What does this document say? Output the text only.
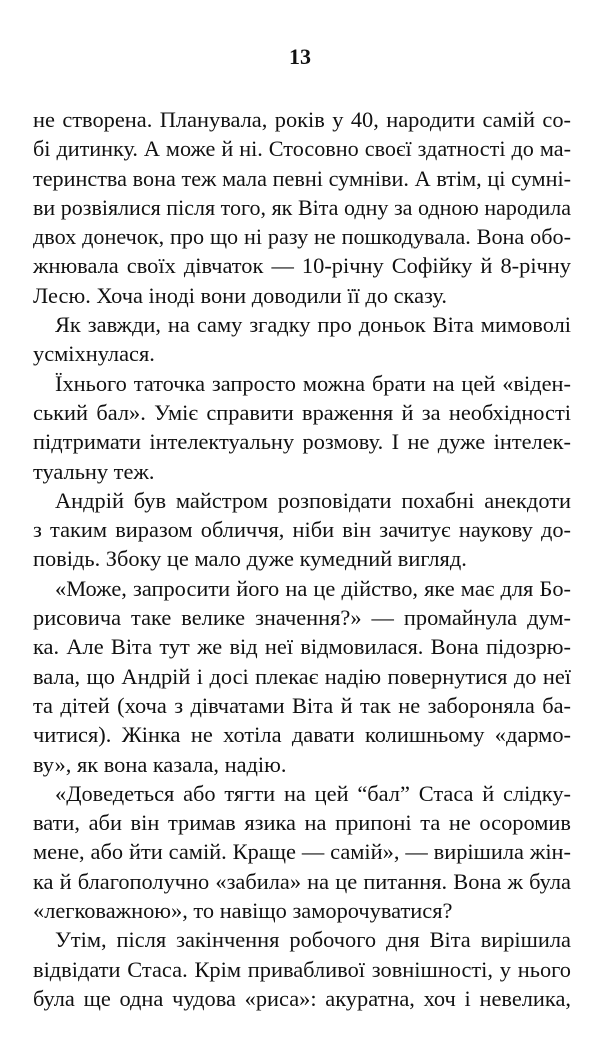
13
не створена. Планувала, років у 40, народити самій со-
бі дитинку. А може й ні. Стосовно своєї здатності до ма-
теринства вона теж мала певні сумніви. А втім, ці сумні-
ви розвіялися після того, як Віта одну за одною народила
двох донечок, про що ні разу не пошкодувала. Вона обо-
жнювала своїх дівчаток — 10-річну Софійку й 8-річну
Лесю. Хоча іноді вони доводили її до сказу.
Як завжди, на саму згадку про доньок Віта мимоволі
усміхнулася.
Їхнього таточка запросто можна брати на цей «віден-
ський бал». Уміє справити враження й за необхідності
підтримати інтелектуальну розмову. І не дуже інтелек-
туальну теж.
Андрій був майстром розповідати похабні анекдоти
з таким виразом обличчя, ніби він зачитує наукову до-
повідь. Збоку це мало дуже кумедний вигляд.
«Може, запросити його на це дійство, яке має для Бо-
рисовича таке велике значення?» — промайнула дум-
ка. Але Віта тут же від неї відмовилася. Вона підозрю-
вала, що Андрій і досі плекає надію повернутися до неї
та дітей (хоча з дівчатами Віта й так не забороняла ба-
читися). Жінка не хотіла давати колишньому «дармо-
ву», як вона казала, надію.
«Доведеться або тягти на цей “бал” Стаса й слідку-
вати, аби він тримав язика на припоні та не осоромив
мене, або йти самій. Краще — самій», — вирішила жін-
ка й благополучно «забила» на це питання. Вона ж була
«легковажною», то навіщо заморочуватися?
Утім, після закінчення робочого дня Віта вирішила
відвідати Стаса. Крім привабливої зовнішності, у нього
була ще одна чудова «риса»: акуратна, хоч і невелика,
